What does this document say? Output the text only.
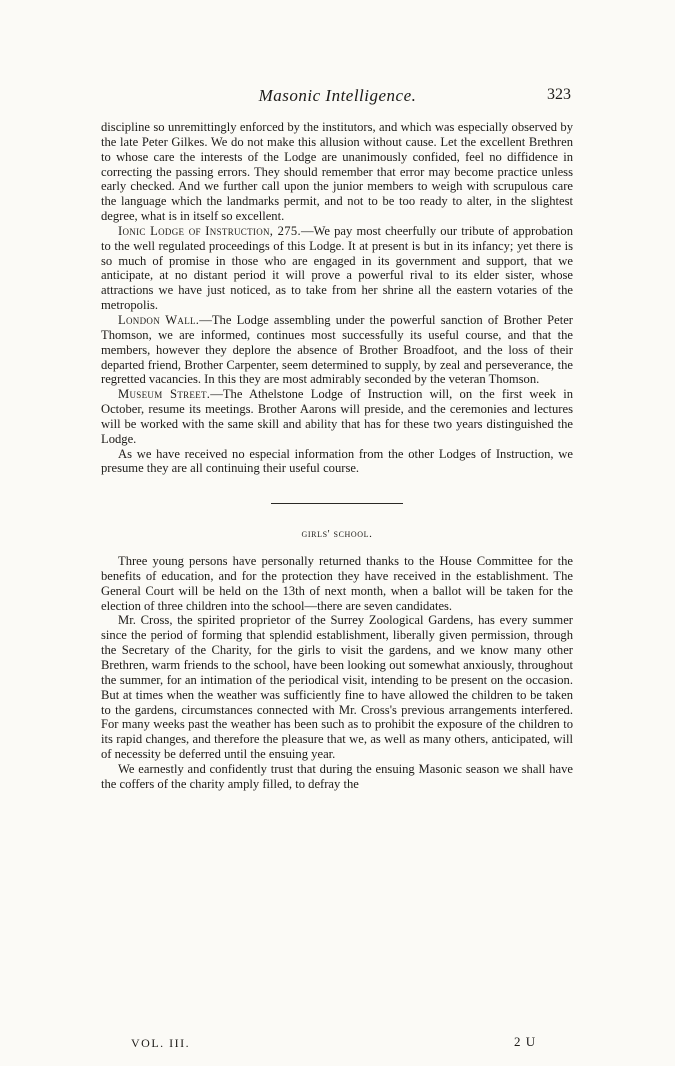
Masonic Intelligence.	323

discipline so unremittingly enforced by the institutors, and which was especially observed by the late Peter Gilkes. We do not make this allusion without cause. Let the excellent Brethren to whose care the interests of the Lodge are unanimously confided, feel no diffidence in correcting the passing errors. They should remember that error may become practice unless early checked. And we further call upon the junior members to weigh with scrupulous care the language which the landmarks permit, and not to be too ready to alter, in the slightest degree, what is in itself so excellent.

Ionic Lodge of Instruction, 275.—We pay most cheerfully our tribute of approbation to the well regulated proceedings of this Lodge. It at present is but in its infancy; yet there is so much of promise in those who are engaged in its government and support, that we anticipate, at no distant period it will prove a powerful rival to its elder sister, whose attractions we have just noticed, as to take from her shrine all the eastern votaries of the metropolis.

London Wall.—The Lodge assembling under the powerful sanction of Brother Peter Thomson, we are informed, continues most successfully its useful course, and that the members, however they deplore the absence of Brother Broadfoot, and the loss of their departed friend, Brother Carpenter, seem determined to supply, by zeal and perseverance, the regretted vacancies. In this they are most admirably seconded by the veteran Thomson.

Museum Street.—The Athelstone Lodge of Instruction will, on the first week in October, resume its meetings. Brother Aarons will preside, and the ceremonies and lectures will be worked with the same skill and ability that has for these two years distinguished the Lodge.

As we have received no especial information from the other Lodges of Instruction, we presume they are all continuing their useful course.

girls' school.

Three young persons have personally returned thanks to the House Committee for the benefits of education, and for the protection they have received in the establishment. The General Court will be held on the 13th of next month, when a ballot will be taken for the election of three children into the school—there are seven candidates.

Mr. Cross, the spirited proprietor of the Surrey Zoological Gardens, has every summer since the period of forming that splendid establishment, liberally given permission, through the Secretary of the Charity, for the girls to visit the gardens, and we know many other Brethren, warm friends to the school, have been looking out somewhat anxiously, throughout the summer, for an intimation of the periodical visit, intending to be present on the occasion. But at times when the weather was sufficiently fine to have allowed the children to be taken to the gardens, circumstances connected with Mr. Cross's previous arrangements interfered. For many weeks past the weather has been such as to prohibit the exposure of the children to its rapid changes, and therefore the pleasure that we, as well as many others, anticipated, will of necessity be deferred until the ensuing year.

We earnestly and confidently trust that during the ensuing Masonic season we shall have the coffers of the charity amply filled, to defray the

VOL. III.	2 U
